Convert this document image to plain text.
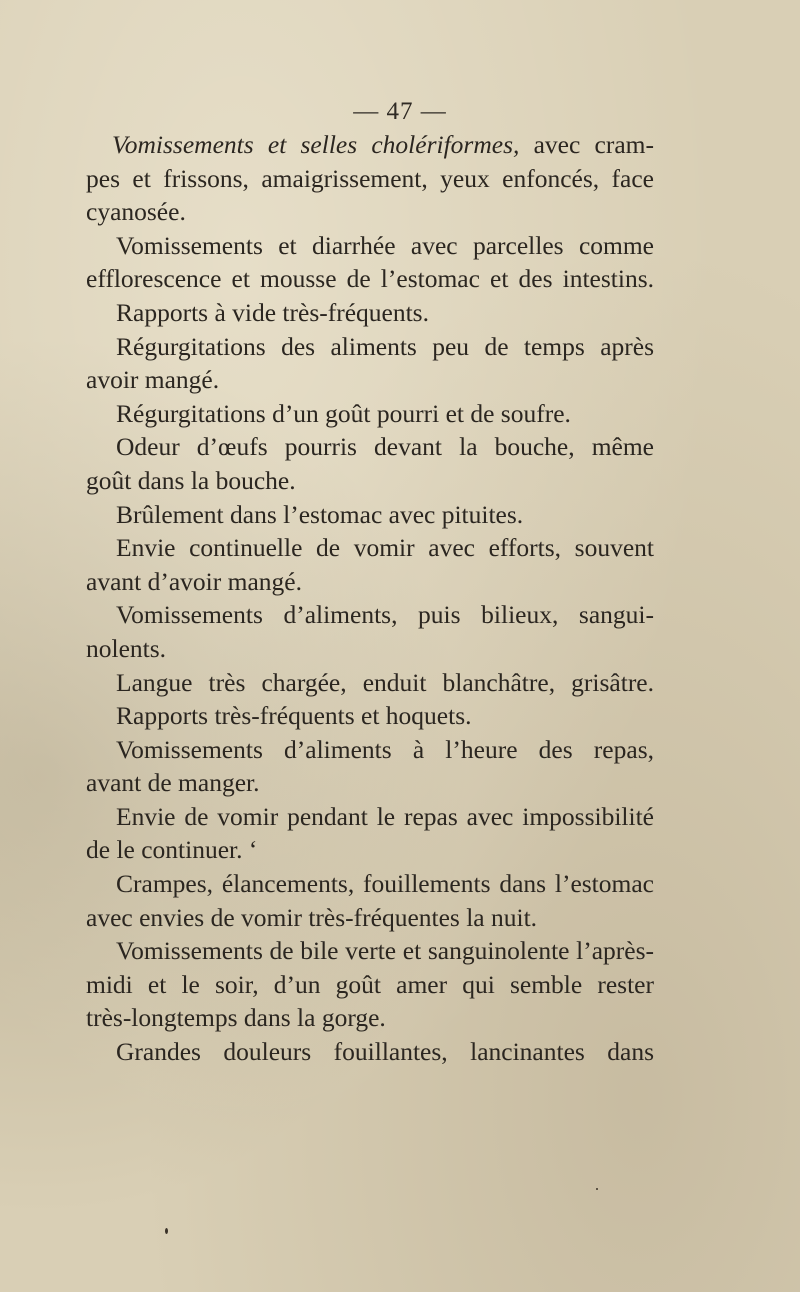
— 47 —
Vomissements et selles cholériformes, avec cram-
pes et frissons, amaigrissement, yeux enfoncés, face
cyanosée.
Vomissements et diarrhée avec parcelles comme
efflorescence et mousse de l’estomac et des intestins.
Rapports à vide très-fréquents.
Régurgitations des aliments peu de temps après
avoir mangé.
Régurgitations d’un goût pourri et de soufre.
Odeur d’œufs pourris devant la bouche, même
goût dans la bouche.
Brûlement dans l’estomac avec pituites.
Envie continuelle de vomir avec efforts, souvent
avant d’avoir mangé.
Vomissements d’aliments, puis bilieux, sangui-
nolents.
Langue très chargée, enduit blanchâtre, grisâtre.
Rapports très-fréquents et hoquets.
Vomissements d’aliments à l’heure des repas,
avant de manger.
Envie de vomir pendant le repas avec impossibilité
de le continuer. ‘
Crampes, élancements, fouillements dans l’estomac
avec envies de vomir très-fréquentes la nuit.
Vomissements de bile verte et sanguinolente l’après-
midi et le soir, d’un goût amer qui semble rester
très-longtemps dans la gorge.
Grandes douleurs fouillantes, lancinantes dans
